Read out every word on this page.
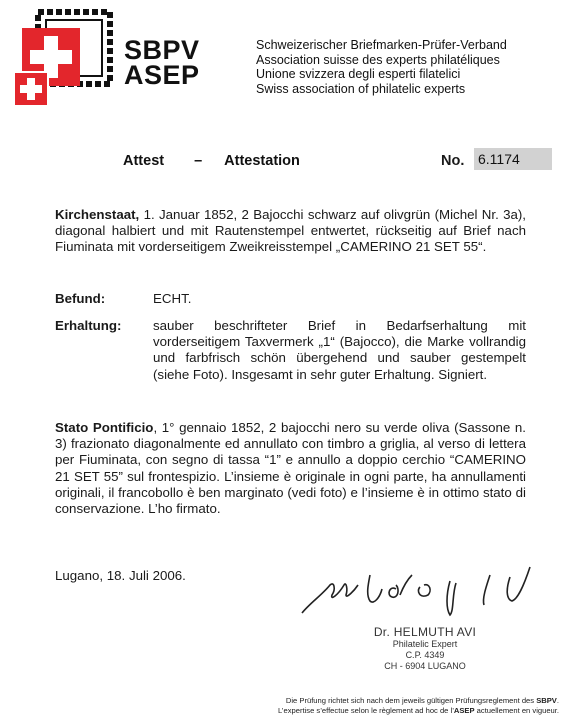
SBPV
ASEP
Schweizerischer Briefmarken-Prüfer-Verband
Association suisse des experts philatéliques
Unione svizzera degli esperti filatelici
Swiss association of philatelic experts
Attest – Attestation	No. 6.1174
Kirchenstaat, 1. Januar 1852, 2 Bajocchi schwarz auf olivgrün (Michel Nr. 3a), diagonal halbiert und mit Rautenstempel entwertet, rückseitig auf Brief nach Fiuminata mit vorderseitigem Zweikreisstempel „CAMERINO 21 SET 55“.
Befund:	ECHT.
Erhaltung: sauber beschrifteter Brief in Bedarfserhaltung mit vorderseitigem Taxvermerk „1“ (Bajocco), die Marke vollrandig und farbfrisch schön übergehend und sauber gestempelt (siehe Foto). Insgesamt in sehr guter Erhaltung. Signiert.
Stato Pontificio, 1° gennaio 1852, 2 bajocchi nero su verde oliva (Sassone n. 3) frazionato diagonalmente ed annullato con timbro a griglia, al verso di lettera per Fiuminata, con segno di tassa “1” e annullo a doppio cerchio “CAMERINO 21 SET 55” sul frontespizio. L’insieme è originale in ogni parte, ha annullamenti originali, il francobollo è ben marginato (vedi foto) e l’insieme è in ottimo stato di conservazione. L’ho firmato.
Lugano, 18. Juli 2006.
Dr. HELMUTH AVI
Philatelic Expert
C.P. 4349
CH - 6904 LUGANO
Die Prüfung richtet sich nach dem jeweils gültigen Prüfungsreglement des SBPV.
L’expertise s’effectue selon le règlement ad hoc de l’ASEP actuellement en vigueur.
